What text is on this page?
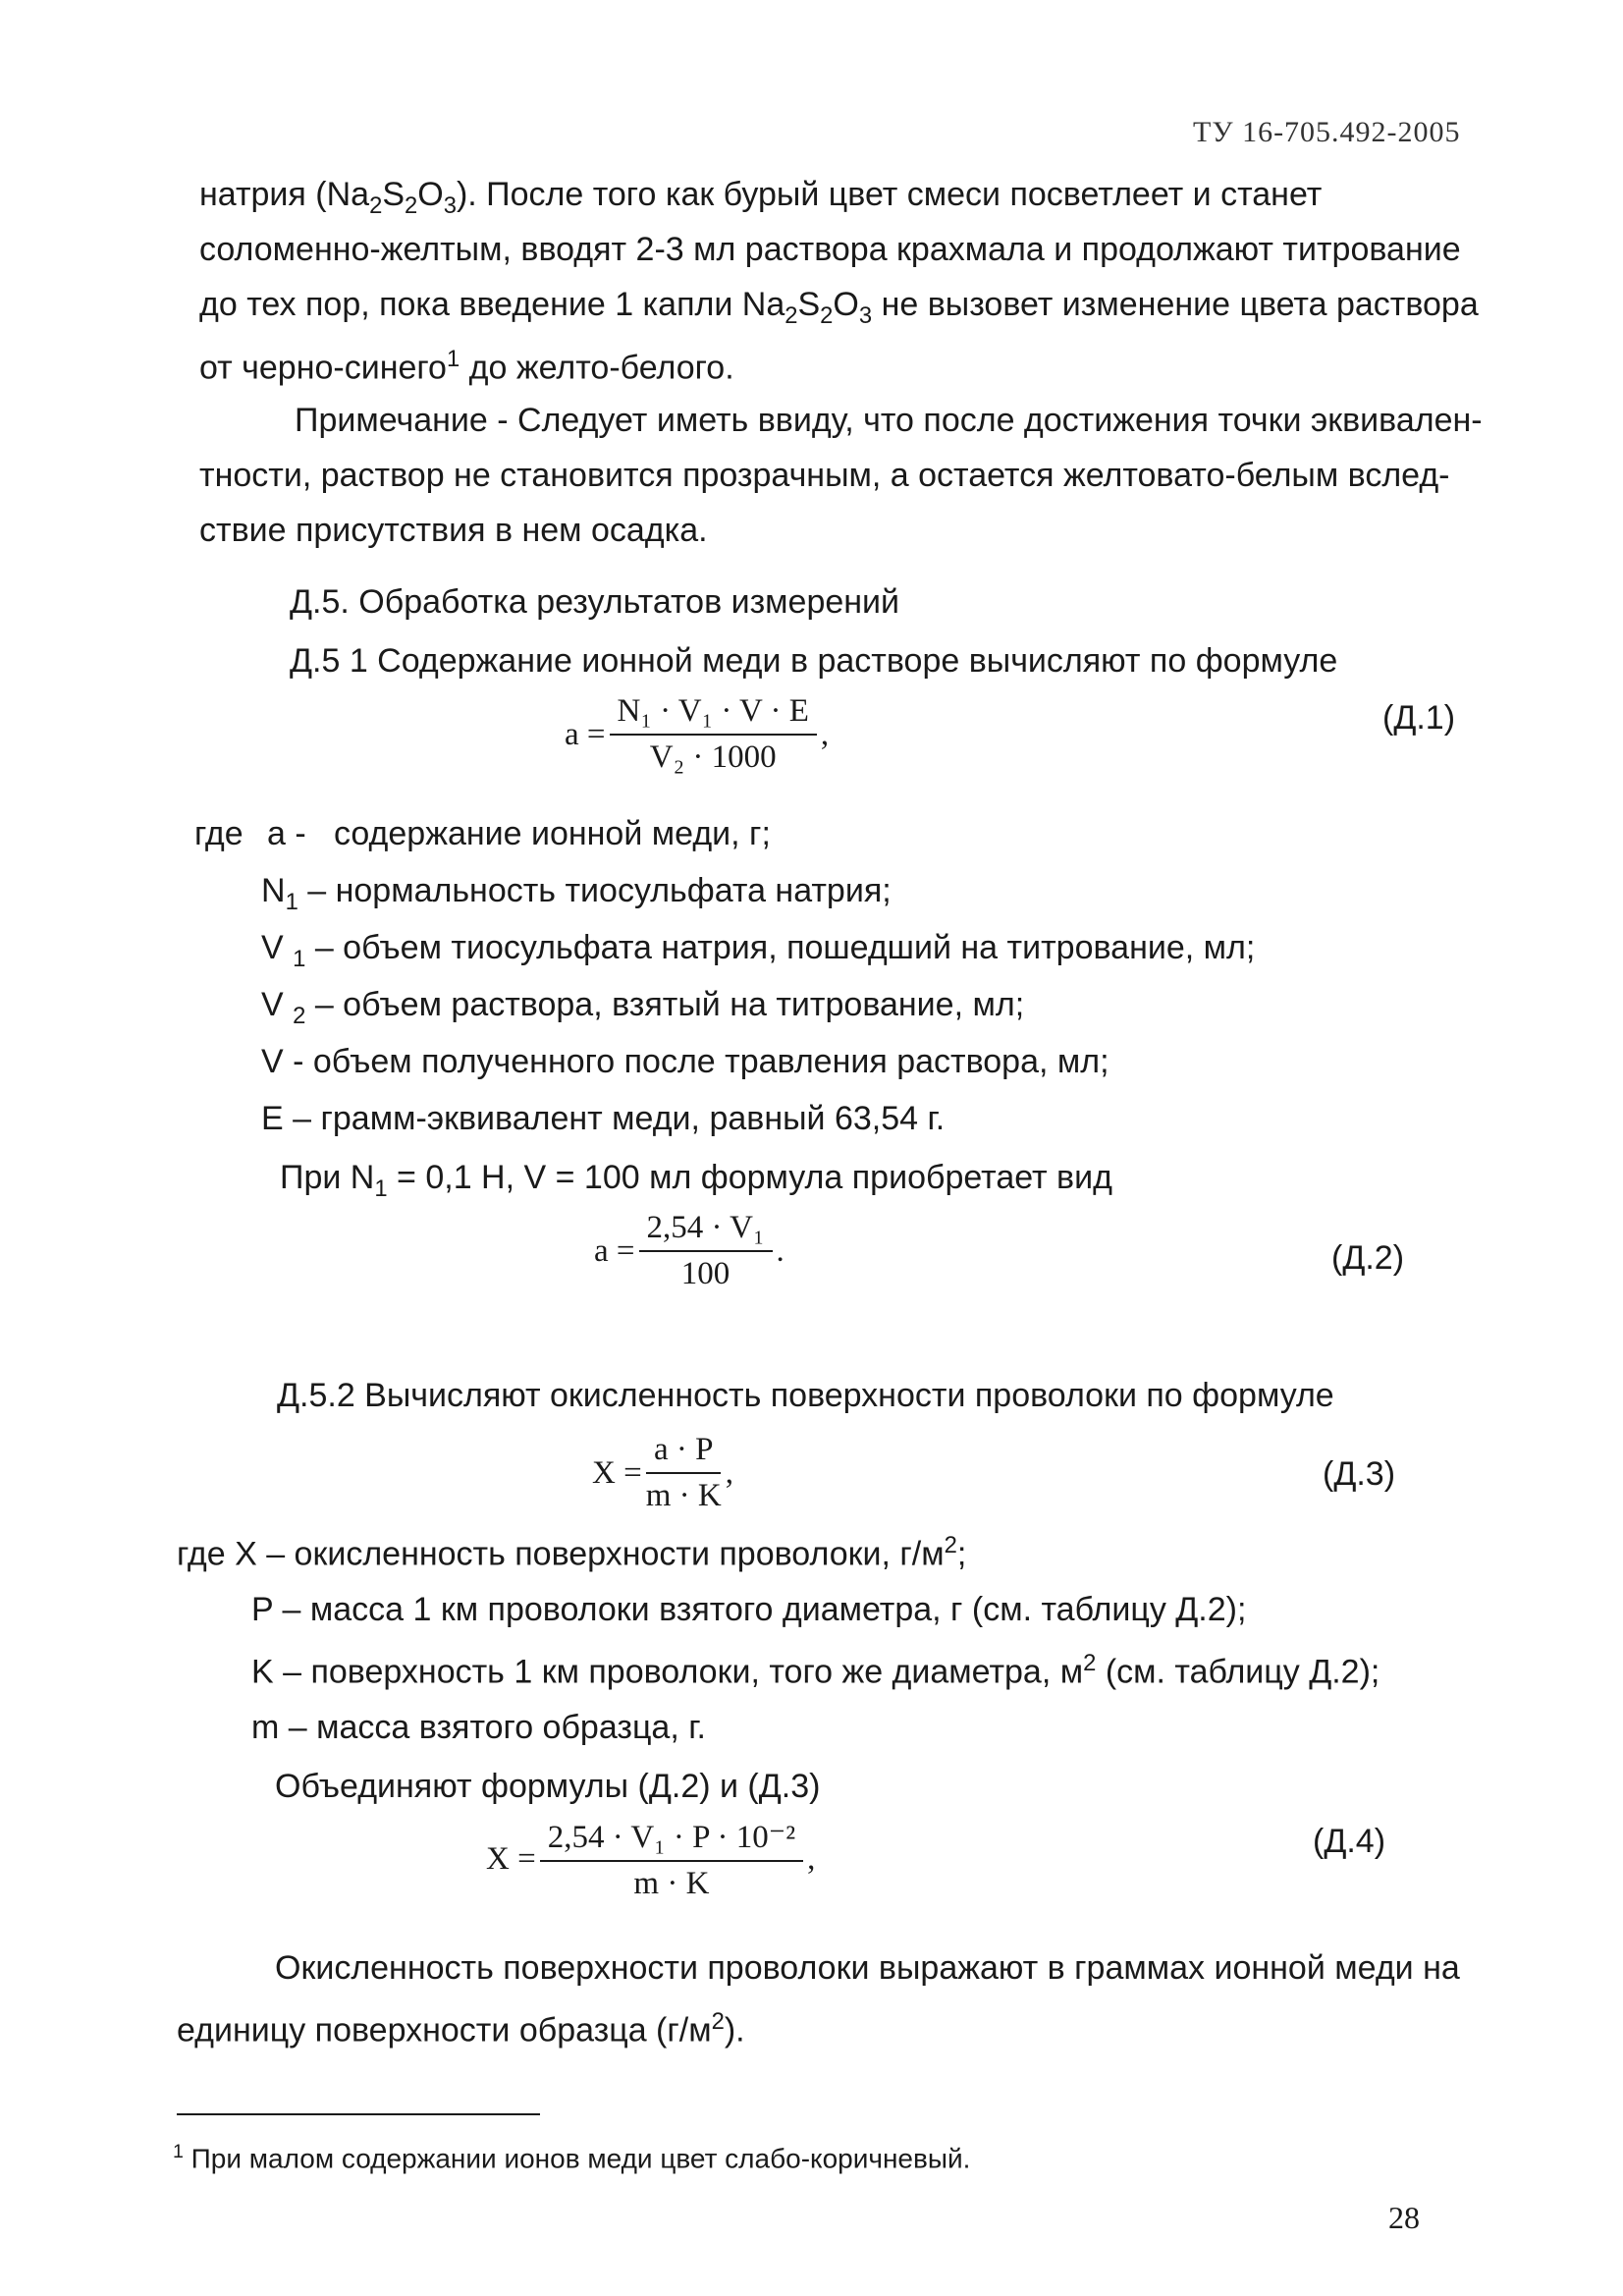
ТУ 16-705.492-2005
натрия $(Na_2S_2O_3)$. После того как бурый цвет смеси посветлеет и станет
соломенно-желтым, вводят 2-3 мл раствора крахмала и продолжают титрование
до тех пор, пока введение 1 капли $Na_2S_2O_3$ не вызовет изменение цвета раствора
от черно-синего$^1$ до желто-белого.
Примечание - Следует иметь ввиду, что после достижения точки эквивален-
тности, раствор не становится прозрачным, а остается желтовато-белым вслед-
ствие присутствия в нем осадка.
Д.5. Обработка результатов измерений
Д.5 1 Содержание ионной меди в растворе вычисляют по формуле
$a = \frac{\text{N₁ · V₁ · V · E}}{\text{V₂ · 1000}}$ ,	(Д.1)
где a - содержание ионной меди, г;
$N_1$ – нормальность тиосульфата натрия;
V $_1$ – объем тиосульфата натрия, пошедший на титрование, мл;
V $_2$ – объем раствора, взятый на титрование, мл;
V - объем полученного после травления раствора, мл;
E – грамм-эквивалент меди, равный 63,54 г.
При $N_1 = 0,1$ Н, V = 100 мл формула приобретает вид
$a = \frac{\text{2,54 · V₁}}{100}$ .	(Д.2)
Д.5.2 Вычисляют окисленность поверхности проволоки по формуле
$X = \frac{a \cdot P}{m \cdot K}$ ,	(Д.3)
где X – окисленность поверхности проволоки, $г/м^2$;
P – масса 1 км проволоки взятого диаметра, г (см. таблицу Д.2);
K – поверхность 1 км проволоки, того же диаметра, $м^2$ (см. таблицу Д.2);
m – масса взятого образца, г.
Объединяют формулы (Д.2) и (Д.3)
$X = \frac{\text{2,54 · V₁ · P · 10⁻²}}{m \cdot K}$ ,	(Д.4)
Окисленность поверхности проволоки выражают в граммах ионной меди на
единицу поверхности образца $(г/м^2)$.
$^1$ При малом содержании ионов меди цвет слабо-коричневый.
28
